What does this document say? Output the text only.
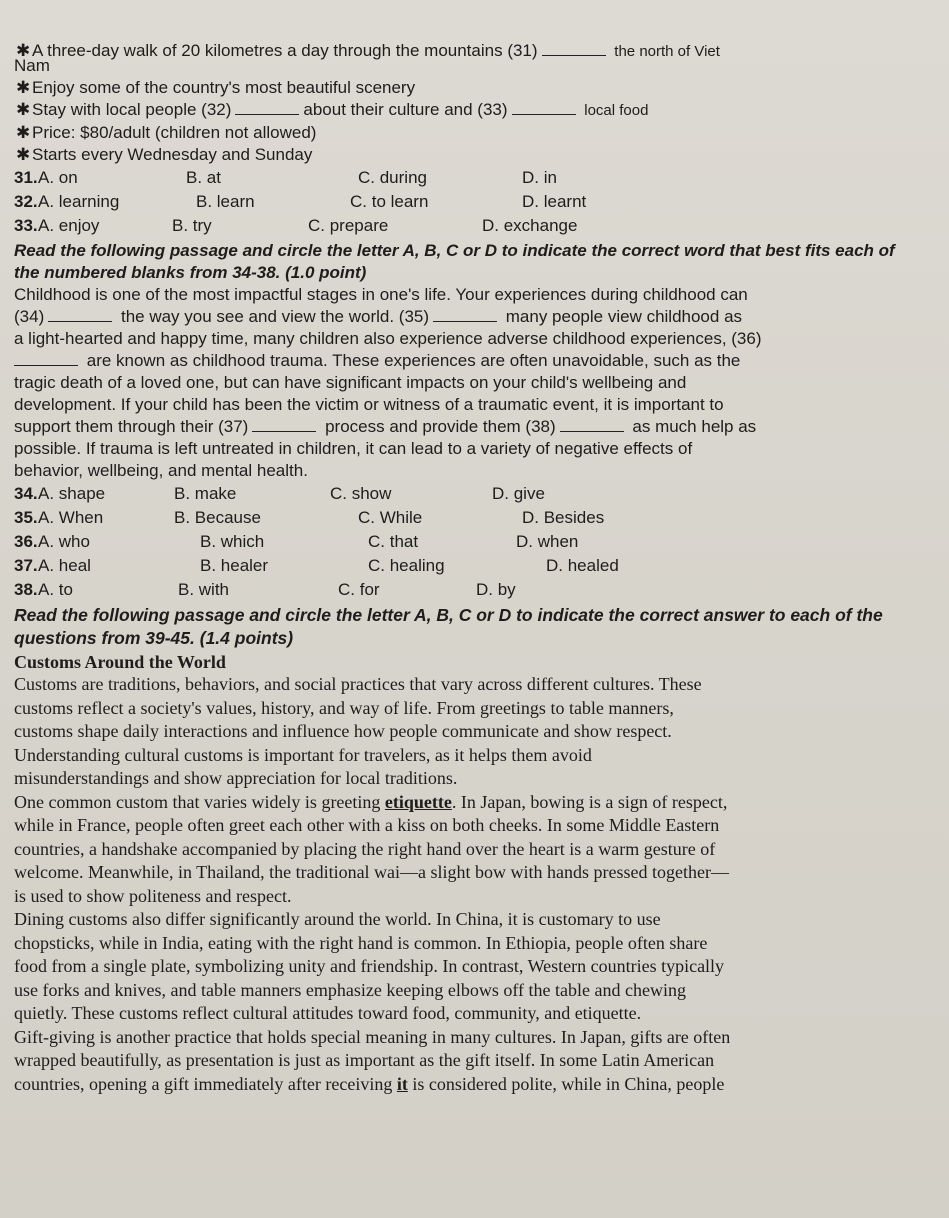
✱ A three-day walk of 20 kilometres a day through the mountains (31)	the north of Viet
Nam
✱ Enjoy some of the country's most beautiful scenery
✱ Stay with local people (32)	about their culture and (33)	local food
✱ Price: $80/adult (children not allowed)
✱ Starts every Wednesday and Sunday
31. A. on	B. at	C. during	D. in
32. A. learning	B. learn	C. to learn	D. learnt
33. A. enjoy	B. try	C. prepare	D. exchange
Read the following passage and circle the letter A, B, C or D to indicate the correct word that best fits each of the numbered blanks from 34-38. (1.0 point)
Childhood is one of the most impactful stages in one's life. Your experiences during childhood can
(34)	the way you see and view the world. (35)	many people view childhood as
a light-hearted and happy time, many children also experience adverse childhood experiences, (36)
are known as childhood trauma. These experiences are often unavoidable, such as the
tragic death of a loved one, but can have significant impacts on your child's wellbeing and
development. If your child has been the victim or witness of a traumatic event, it is important to
support them through their (37)	process and provide them (38)	as much help as
possible. If trauma is left untreated in children, it can lead to a variety of negative effects of
behavior, wellbeing, and mental health.
34. A. shape	B. make	C. show	D. give
35. A. When	B. Because	C. While	D. Besides
36. A. who	B. which	C. that	D. when
37. A. heal	B. healer	C. healing	D. healed
38. A. to	B. with	C. for	D. by
Read the following passage and circle the letter A, B, C or D to indicate the correct answer to each of the questions from 39-45. (1.4 points)
Customs Around the World
Customs are traditions, behaviors, and social practices that vary across different cultures. These
customs reflect a society's values, history, and way of life. From greetings to table manners,
customs shape daily interactions and influence how people communicate and show respect.
Understanding cultural customs is important for travelers, as it helps them avoid
misunderstandings and show appreciation for local traditions.
One common custom that varies widely is greeting etiquette. In Japan, bowing is a sign of respect,
while in France, people often greet each other with a kiss on both cheeks. In some Middle Eastern
countries, a handshake accompanied by placing the right hand over the heart is a warm gesture of
welcome. Meanwhile, in Thailand, the traditional wai—a slight bow with hands pressed together—
is used to show politeness and respect.
Dining customs also differ significantly around the world. In China, it is customary to use
chopsticks, while in India, eating with the right hand is common. In Ethiopia, people often share
food from a single plate, symbolizing unity and friendship. In contrast, Western countries typically
use forks and knives, and table manners emphasize keeping elbows off the table and chewing
quietly. These customs reflect cultural attitudes toward food, community, and etiquette.
Gift-giving is another practice that holds special meaning in many cultures. In Japan, gifts are often
wrapped beautifully, as presentation is just as important as the gift itself. In some Latin American
countries, opening a gift immediately after receiving it is considered polite, while in China, people
